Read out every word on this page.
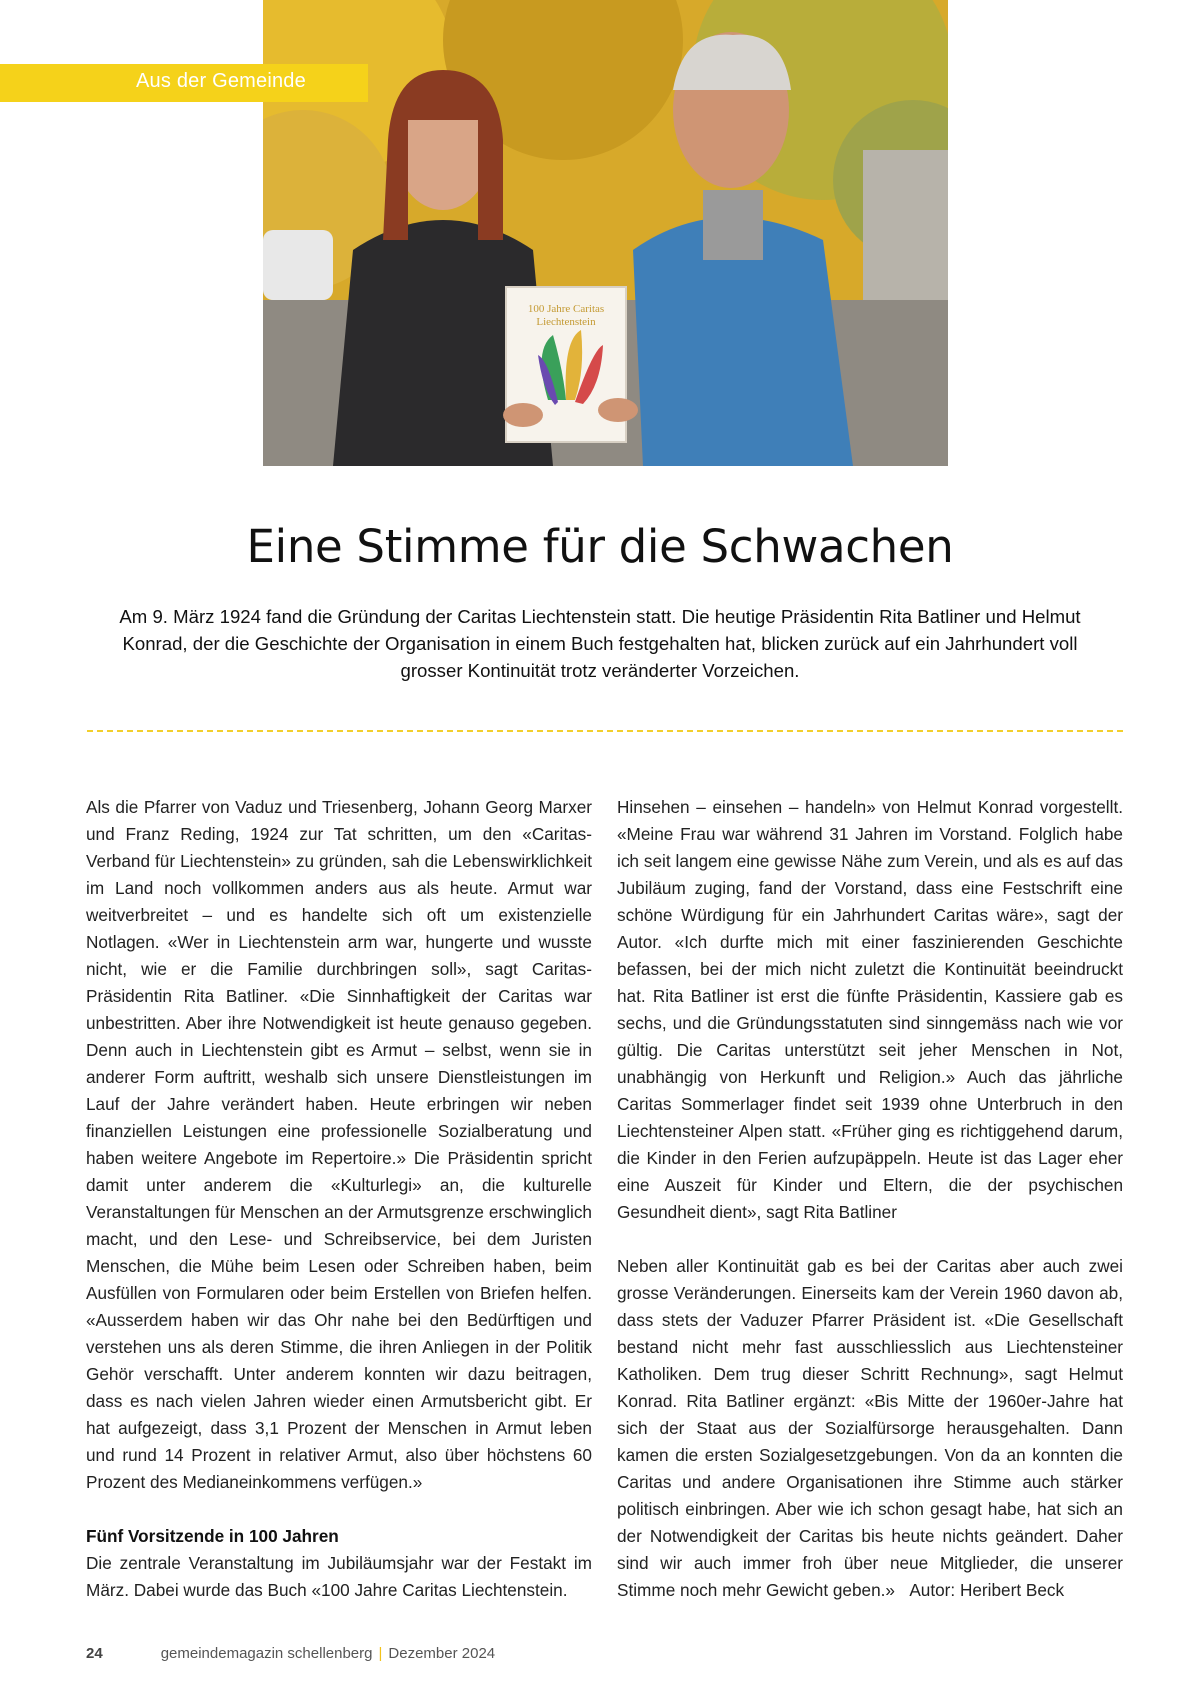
100 Jahre Caritas
Liechtenstein
Aus der Gemeinde
Eine Stimme für die Schwachen

Am 9. März 1924 fand die Gründung der Caritas Liechtenstein statt. Die heutige Präsidentin Rita Batliner und Helmut Konrad, der die Geschichte der Organisation in einem Buch festgehalten hat, blicken zurück auf ein Jahrhundert voll grosser Kontinuität trotz veränderter Vorzeichen.

Als die Pfarrer von Vaduz und Triesenberg, Johann Georg Marxer und Franz Reding, 1924 zur Tat schritten, um den «Caritas-Verband für Liechtenstein» zu gründen, sah die Lebenswirklichkeit im Land noch vollkommen anders aus als heute. Armut war weitverbreitet – und es handelte sich oft um existenzielle Notlagen. «Wer in Liechtenstein arm war, hungerte und wusste nicht, wie er die Familie durchbringen soll», sagt Caritas-Präsidentin Rita Batliner. «Die Sinnhaftigkeit der Caritas war unbestritten. Aber ihre Notwendigkeit ist heute genauso gegeben. Denn auch in Liechtenstein gibt es Armut – selbst, wenn sie in anderer Form auftritt, weshalb sich unsere Dienstleistungen im Lauf der Jahre verändert haben. Heute erbringen wir neben finanziellen Leistungen eine professionelle Sozialberatung und haben weitere Angebote im Repertoire.» Die Präsidentin spricht damit unter anderem die «Kulturlegi» an, die kulturelle Veranstaltungen für Menschen an der Armutsgrenze erschwinglich macht, und den Lese- und Schreibservice, bei dem Juristen Menschen, die Mühe beim Lesen oder Schreiben haben, beim Ausfüllen von Formularen oder beim Erstellen von Briefen helfen. «Ausserdem haben wir das Ohr nahe bei den Bedürftigen und verstehen uns als deren Stimme, die ihren Anliegen in der Politik Gehör verschafft. Unter anderem konnten wir dazu beitragen, dass es nach vielen Jahren wieder einen Armutsbericht gibt. Er hat aufgezeigt, dass 3,1 Prozent der Menschen in Armut leben und rund 14 Prozent in relativer Armut, also über höchstens 60 Prozent des Medianeinkommens verfügen.»

Fünf Vorsitzende in 100 Jahren

Die zentrale Veranstaltung im Jubiläumsjahr war der Festakt im März. Dabei wurde das Buch «100 Jahre Caritas Liechtenstein.

Hinsehen – einsehen – handeln» von Helmut Konrad vorgestellt. «Meine Frau war während 31 Jahren im Vorstand. Folglich habe ich seit langem eine gewisse Nähe zum Verein, und als es auf das Jubiläum zuging, fand der Vorstand, dass eine Festschrift eine schöne Würdigung für ein Jahrhundert Caritas wäre», sagt der Autor. «Ich durfte mich mit einer faszinierenden Geschichte befassen, bei der mich nicht zuletzt die Kontinuität beeindruckt hat. Rita Batliner ist erst die fünfte Präsidentin, Kassiere gab es sechs, und die Gründungsstatuten sind sinngemäss nach wie vor gültig. Die Caritas unterstützt seit jeher Menschen in Not, unabhängig von Herkunft und Religion.» Auch das jährliche Caritas Sommerlager findet seit 1939 ohne Unterbruch in den Liechtensteiner Alpen statt. «Früher ging es richtiggehend darum, die Kinder in den Ferien aufzupäppeln. Heute ist das Lager eher eine Auszeit für Kinder und Eltern, die der psychischen Gesundheit dient», sagt Rita Batliner

Neben aller Kontinuität gab es bei der Caritas aber auch zwei grosse Veränderungen. Einerseits kam der Verein 1960 davon ab, dass stets der Vaduzer Pfarrer Präsident ist. «Die Gesellschaft bestand nicht mehr fast ausschliesslich aus Liechtensteiner Katholiken. Dem trug dieser Schritt Rechnung», sagt Helmut Konrad. Rita Batliner ergänzt: «Bis Mitte der 1960er-Jahre hat sich der Staat aus der Sozialfürsorge herausgehalten. Dann kamen die ersten Sozialgesetzgebungen. Von da an konnten die Caritas und andere Organisationen ihre Stimme auch stärker politisch einbringen. Aber wie ich schon gesagt habe, hat sich an der Notwendigkeit der Caritas bis heute nichts geändert. Daher sind wir auch immer froh über neue Mitglieder, die unserer Stimme noch mehr Gewicht geben.» Autor: Heribert Beck

24	gemeindemagazin schellenberg | Dezember 2024
